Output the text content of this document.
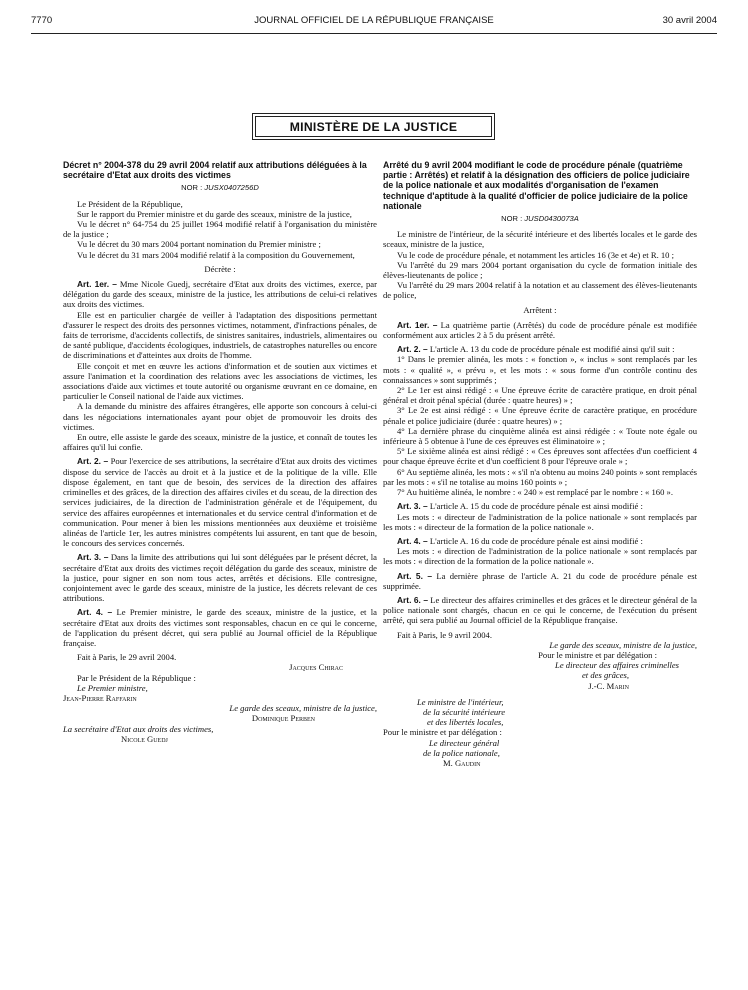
7770	JOURNAL OFFICIEL DE LA RÉPUBLIQUE FRANÇAISE	30 avril 2004
MINISTÈRE DE LA JUSTICE
Décret n° 2004-378 du 29 avril 2004 relatif aux attributions déléguées à la secrétaire d'Etat aux droits des victimes
NOR : JUSX0407256D

Le Président de la République,

Sur le rapport du Premier ministre et du garde des sceaux, ministre de la justice,

Vu le décret n° 64-754 du 25 juillet 1964 modifié relatif à l'organisation du ministère de la justice ;

Vu le décret du 30 mars 2004 portant nomination du Premier ministre ;

Vu le décret du 31 mars 2004 modifié relatif à la composition du Gouvernement,

Décrète :

Art. 1er. – Mme Nicole Guedj, secrétaire d'Etat aux droits des victimes, exerce, par délégation du garde des sceaux, ministre de la justice, les attributions de celui-ci relatives aux droits des victimes.

Elle est en particulier chargée de veiller à l'adaptation des dispositions permettant d'assurer le respect des droits des personnes victimes, notamment, d'infractions pénales, de faits de terrorisme, d'accidents collectifs, de sinistres sanitaires, industriels, alimentaires ou de santé publique, d'accidents écologiques, industriels, de catastrophes naturelles ou encore de discriminations et d'atteintes aux droits de l'homme.

Elle conçoit et met en œuvre les actions d'information et de soutien aux victimes et assure l'animation et la coordination des relations avec les associations de victimes, les associations d'aide aux victimes et toute autorité ou organisme œuvrant en ce domaine, en particulier le Conseil national de l'aide aux victimes.

A la demande du ministre des affaires étrangères, elle apporte son concours à celui-ci dans les négociations internationales ayant pour objet de promouvoir les droits des victimes.

En outre, elle assiste le garde des sceaux, ministre de la justice, et connaît de toutes les affaires qu'il lui confie.

Art. 2. – Pour l'exercice de ses attributions, la secrétaire d'Etat aux droits des victimes dispose du service de l'accès au droit et à la justice et de la politique de la ville. Elle dispose également, en tant que de besoin, des services de la direction des affaires criminelles et des grâces, de la direction des affaires civiles et du sceau, de la direction des services judiciaires, de la direction de l'administration générale et de l'équipement, du service des affaires européennes et internationales et du service central d'information et de communication. Pour mener à bien les missions mentionnées aux deuxième et troisième alinéas de l'article 1er, les autres ministres compétents lui assurent, en tant que de besoin, le concours des services concernés.

Art. 3. – Dans la limite des attributions qui lui sont déléguées par le présent décret, la secrétaire d'Etat aux droits des victimes reçoit délégation du garde des sceaux, ministre de la justice, pour signer en son nom tous actes, arrêtés et décisions. Elle contresigne, conjointement avec le garde des sceaux, ministre de la justice, les décrets relevant de ces attributions.

Art. 4. – Le Premier ministre, le garde des sceaux, ministre de la justice, et la secrétaire d'Etat aux droits des victimes sont responsables, chacun en ce qui le concerne, de l'application du présent décret, qui sera publié au Journal officiel de la République française.

Fait à Paris, le 29 avril 2004.

Jacques Chirac

Par le Président de la République :

Le Premier ministre,

Jean-Pierre Raffarin

Le garde des sceaux, ministre de la justice,

Dominique Perben

La secrétaire d'Etat aux droits des victimes,

Nicole Guedj

Arrêté du 9 avril 2004 modifiant le code de procédure pénale (quatrième partie : Arrêtés) et relatif à la désignation des officiers de police judiciaire de la police nationale et aux modalités d'organisation de l'examen technique d'aptitude à la qualité d'officier de police judiciaire de la police nationale
NOR : JUSD0430073A

Le ministre de l'intérieur, de la sécurité intérieure et des libertés locales et le garde des sceaux, ministre de la justice,

Vu le code de procédure pénale, et notamment les articles 16 (3e et 4e) et R. 10 ;

Vu l'arrêté du 29 mars 2004 portant organisation du cycle de formation initiale des élèves-lieutenants de police ;

Vu l'arrêté du 29 mars 2004 relatif à la notation et au classement des élèves-lieutenants de police,

Arrêtent :

Art. 1er. – La quatrième partie (Arrêtés) du code de procédure pénale est modifiée conformément aux articles 2 à 5 du présent arrêté.

Art. 2. – L'article A. 13 du code de procédure pénale est modifié ainsi qu'il suit :

1° Dans le premier alinéa, les mots : « fonction », « inclus » sont remplacés par les mots : « qualité », « prévu », et les mots : « sous forme d'un contrôle continu des connaissances » sont supprimés ;

2° Le 1er est ainsi rédigé : « Une épreuve écrite de caractère pratique, en droit pénal général et droit pénal spécial (durée : quatre heures) » ;

3° Le 2e est ainsi rédigé : « Une épreuve écrite de caractère pratique, en procédure pénale et police judiciaire (durée : quatre heures) » ;

4° La dernière phrase du cinquième alinéa est ainsi rédigée : « Toute note égale ou inférieure à 5 obtenue à l'une de ces épreuves est éliminatoire » ;

5° Le sixième alinéa est ainsi rédigé : « Ces épreuves sont affectées d'un coefficient 4 pour chaque épreuve écrite et d'un coefficient 8 pour l'épreuve orale » ;

6° Au septième alinéa, les mots : « s'il n'a obtenu au moins 240 points » sont remplacés par les mots : « s'il ne totalise au moins 160 points » ;

7° Au huitième alinéa, le nombre : « 240 » est remplacé par le nombre : « 160 ».

Art. 3. – L'article A. 15 du code de procédure pénale est ainsi modifié :

Les mots : « directeur de l'administration de la police nationale » sont remplacés par les mots : « directeur de la formation de la police nationale ».

Art. 4. – L'article A. 16 du code de procédure pénale est ainsi modifié :

Les mots : « direction de l'administration de la police nationale » sont remplacés par les mots : « direction de la formation de la police nationale ».

Art. 5. – La dernière phrase de l'article A. 21 du code de procédure pénale est supprimée.

Art. 6. – Le directeur des affaires criminelles et des grâces et le directeur général de la police nationale sont chargés, chacun en ce qui le concerne, de l'exécution du présent arrêté, qui sera publié au Journal officiel de la République française.

Fait à Paris, le 9 avril 2004.

Le garde des sceaux, ministre de la justice,

Pour le ministre et par délégation :

Le directeur des affaires criminelles

et des grâces,

J.-C. Marin

Le ministre de l'intérieur,

de la sécurité intérieure

et des libertés locales,

Pour le ministre et par délégation :

Le directeur général

de la police nationale,

M. Gaudin
